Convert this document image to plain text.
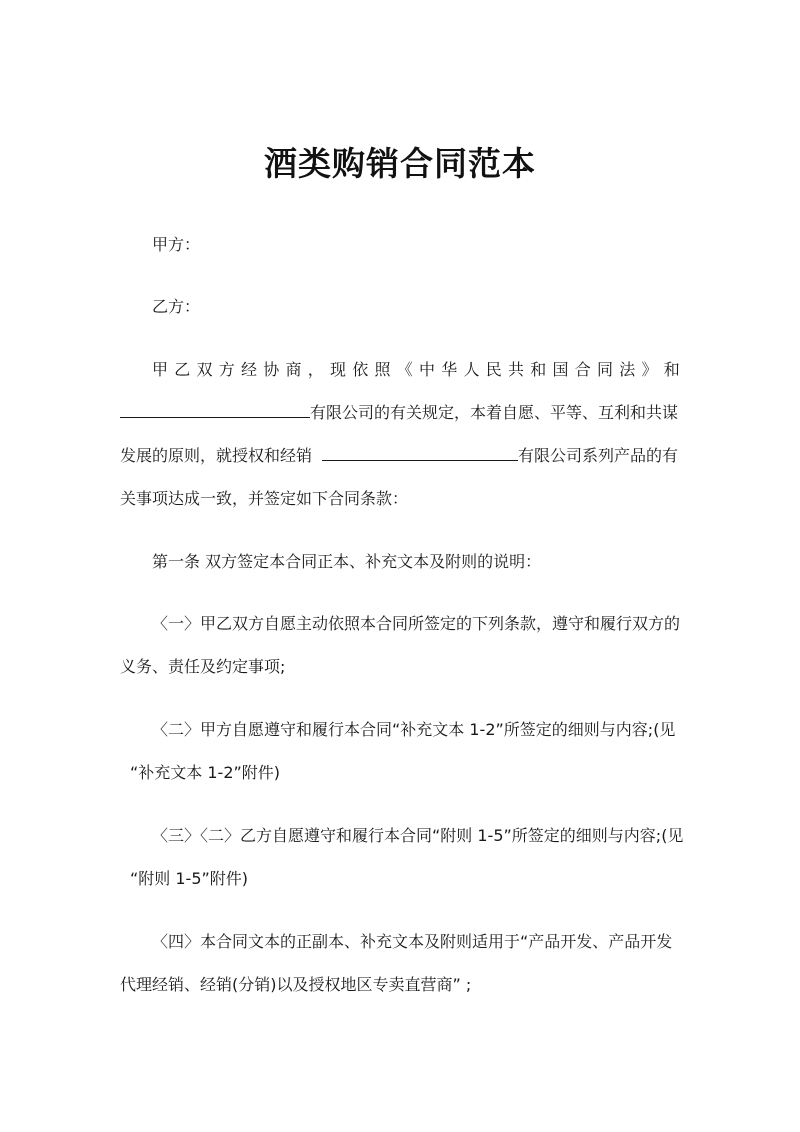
酒类购销合同范本
甲方：
乙方：
甲 乙 双 方 经 协 商 ， 现 依 照 《 中 华 人 民 共 和 国 合 同 法 》 和
有限公司的有关规定，本着自愿、平等、互利和共谋
发展的原则，就授权和经销	有限公司系列产品的有
关事项达成一致，并签定如下合同条款：
第一条 双方签定本合同正本、补充文本及附则的说明：
〈一〉甲乙双方自愿主动依照本合同所签定的下列条款，遵守和履行双方的
义务、责任及约定事项;
〈二〉甲方自愿遵守和履行本合同“补充文本 1-2”所签定的细则与内容;(见
“补充文本 1-2”附件)
〈三〉〈二〉乙方自愿遵守和履行本合同“附则 1-5”所签定的细则与内容;(见
“附则 1-5”附件)
〈四〉本合同文本的正副本、补充文本及附则适用于“产品开发、产品开发
代理经销、经销(分销)以及授权地区专卖直营商” ;
